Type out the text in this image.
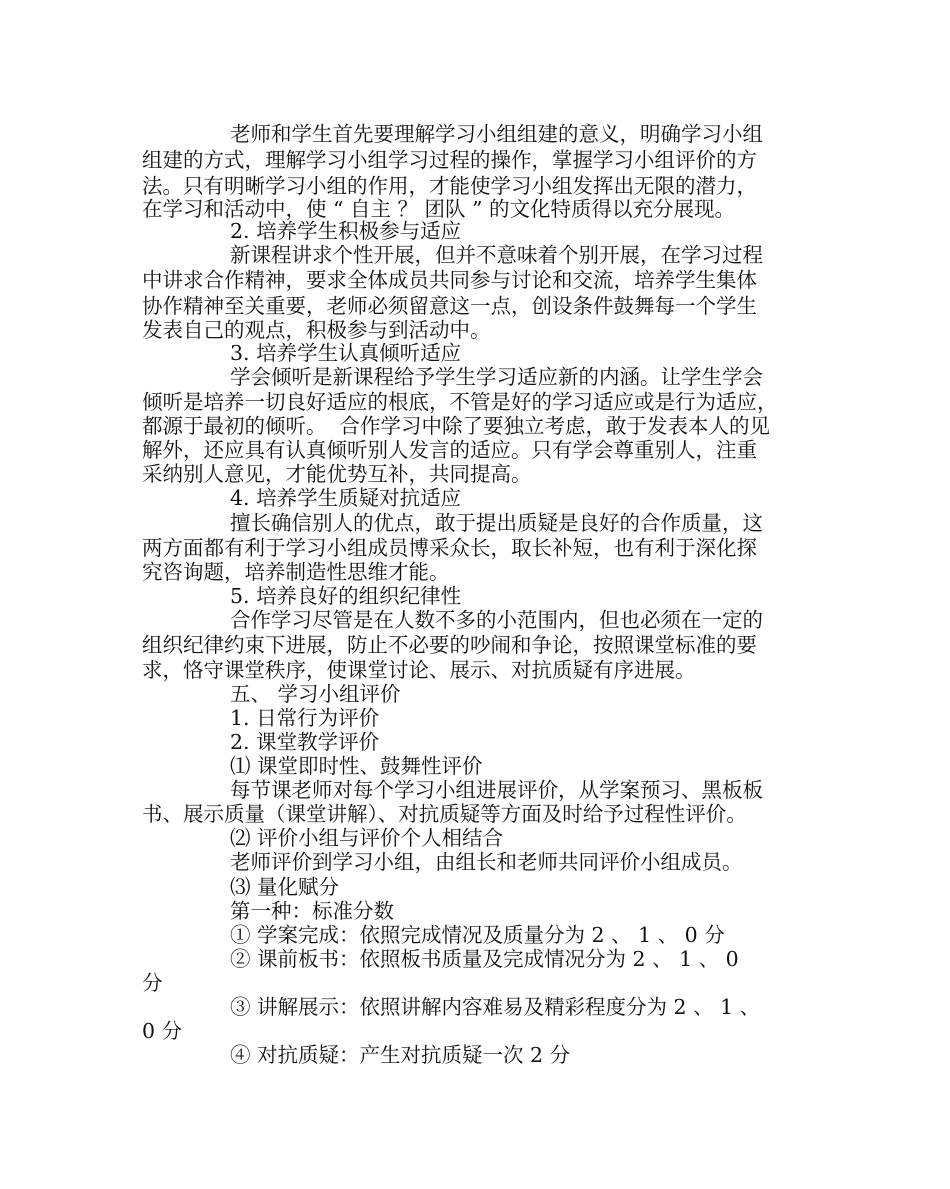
老师和学生首先要理解学习小组组建的意义，明确学习小组
组建的方式，理解学习小组学习过程的操作，掌握学习小组评价的方
法。只有明晰学习小组的作用，才能使学习小组发挥出无限的潜力，
在学习和活动中，使 “ 自主 ？ 团队 ” 的文化特质得以充分展现。
2. 培养学生积极参与适应
新课程讲求个性开展，但并不意味着个别开展，在学习过程
中讲求合作精神，要求全体成员共同参与讨论和交流，培养学生集体
协作精神至关重要，老师必须留意这一点，创设条件鼓舞每一个学生
发表自己的观点，积极参与到活动中。
3. 培养学生认真倾听适应
学会倾听是新课程给予学生学习适应新的内涵。让学生学会
倾听是培养一切良好适应的根底，不管是好的学习适应或是行为适应，
都源于最初的倾听。  合作学习中除了要独立考虑，敢于发表本人的见
解外，还应具有认真倾听别人发言的适应。只有学会尊重别人，注重
采纳别人意见，才能优势互补，共同提高。
4. 培养学生质疑对抗适应
擅长确信别人的优点，敢于提出质疑是良好的合作质量，这
两方面都有利于学习小组成员博采众长，取长补短，也有利于深化探
究咨询题，培养制造性思维才能。
5. 培养良好的组织纪律性
合作学习尽管是在人数不多的小范围内，但也必须在一定的
组织纪律约束下进展，防止不必要的吵闹和争论，按照课堂标准的要
求，恪守课堂秩序，使课堂讨论、展示、对抗质疑有序进展。
五、 学习小组评价
1. 日常行为评价
2. 课堂教学评价
⑴ 课堂即时性、鼓舞性评价
每节课老师对每个学习小组进展评价，从学案预习、黑板板
书、展示质量（课堂讲解）、对抗质疑等方面及时给予过程性评价。
⑵ 评价小组与评价个人相结合
老师评价到学习小组，由组长和老师共同评价小组成员。
⑶ 量化赋分
第一种：标准分数
① 学案完成：依照完成情况及质量分为 2 、 1 、 0 分
② 课前板书：依照板书质量及完成情况分为 2 、 1 、 0
分
③ 讲解展示：依照讲解内容难易及精彩程度分为 2 、 1 、
0 分
④ 对抗质疑：产生对抗质疑一次 2 分
